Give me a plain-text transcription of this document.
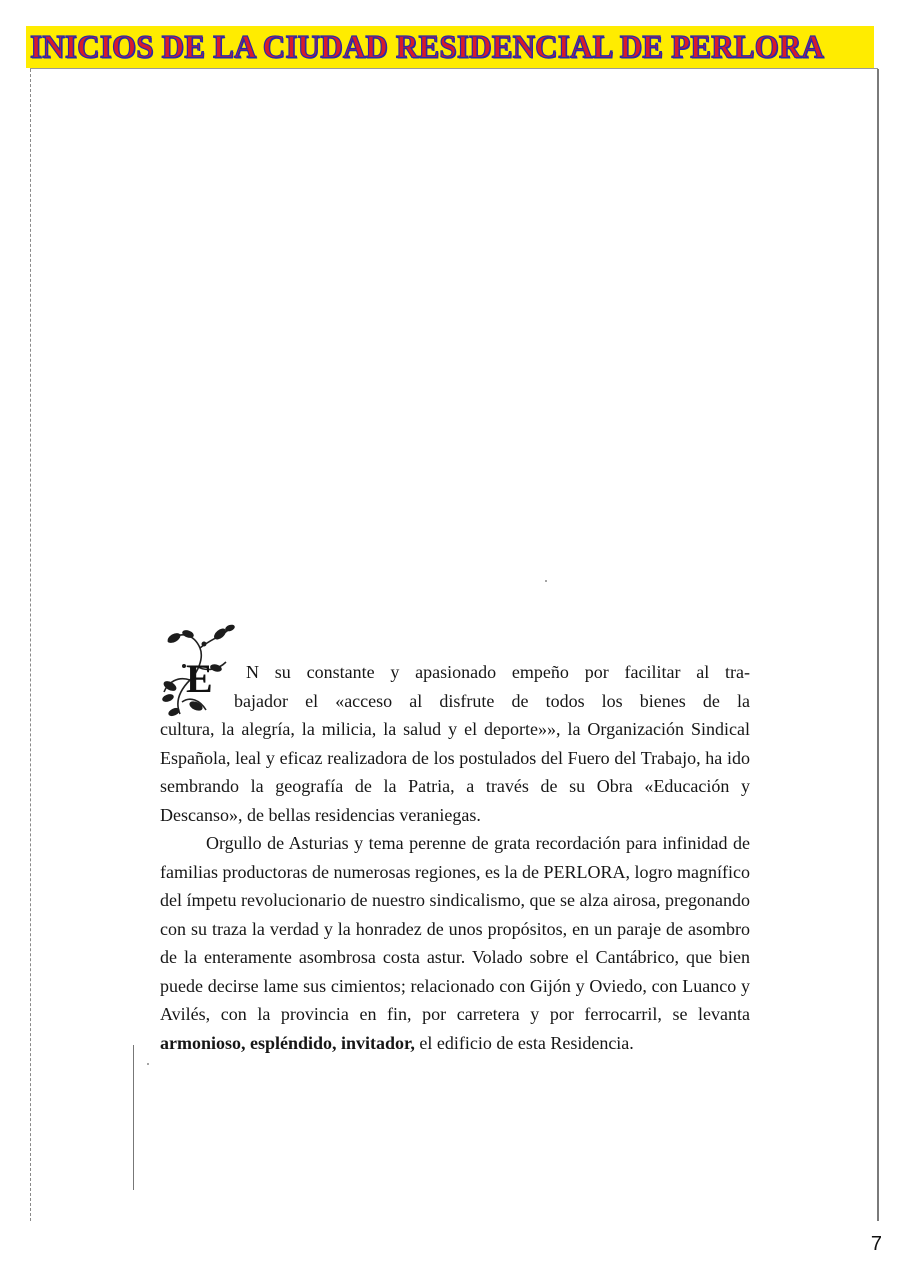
INICIOS DE LA CIUDAD RESIDENCIAL DE PERLORA
E	N su constante y apasionado empeño por facilitar al tra-
bajador el «acceso al disfrute de todos los bienes de la
cultura, la alegría, la milicia, la salud y el deporte»», la Organización Sindical Española, leal y eficaz realizadora de los postulados del Fuero del Trabajo, ha ido sembrando la geografía de la Patria, a través de su Obra «Educación y Descanso», de bellas residencias veraniegas.

Orgullo de Asturias y tema perenne de grata recordación para infinidad de familias productoras de numerosas regiones, es la de PERLORA, logro magnífico del ímpetu revolucionario de nuestro sindicalismo, que se alza airosa, pregonando con su traza la verdad y la honradez de unos propósitos, en un paraje de asombro de la enteramente asombrosa costa astur. Volado sobre el Cantábrico, que bien puede decirse lame sus cimientos; relacionado con Gijón y Oviedo, con Luanco y Avilés, con la provincia en fin, por carretera y por ferrocarril, se levanta armonioso, espléndido, invitador, el edificio de esta Residencia.

7
